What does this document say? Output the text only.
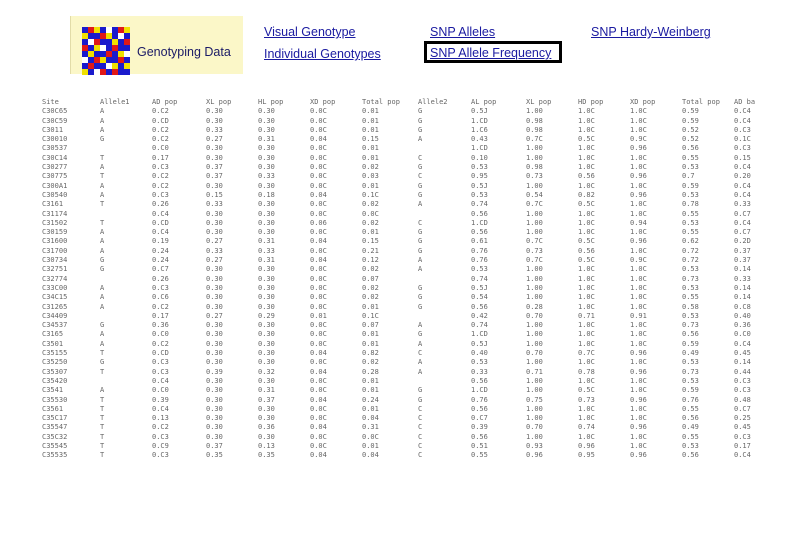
Genotyping Data
Visual Genotype
Individual Genotypes
SNP Alleles
SNP Allele Frequency
SNP Hardy-Weinberg
Site	Allele1	AD pop	XL pop	HL pop	XD pop	Total pop	Allele2	AL pop	XL pop	HD pop	XD pop	Total pop	AD ba
C30C65	A	0.C2	0.30	0.30	0.0C	0.01	G	0.5J	1.00	1.0C	1.0C	0.59	0.C4
C30C59	A	0.CD	0.30	0.30	0.0C	0.01	G	1.CD	0.98	1.0C	1.0C	0.59	0.C4
C3011	A	0.C2	0.33	0.30	0.0C	0.01	G	1.C6	0.98	1.0C	1.0C	0.52	0.C3
C30010	G	0.C2	0.27	0.31	0.04	0.15	A	0.43	0.7C	0.5C	0.9C	0.52	0.1C
C30537		0.C0	0.30	0.30	0.0C	0.01		1.CD	1.00	1.0C	0.96	0.56	0.C3
C30C14	T	0.17	0.30	0.30	0.0C	0.01	C	0.10	1.00	1.0C	1.0C	0.55	0.15
C30277	A	0.C3	0.37	0.30	0.0C	0.02	G	0.53	0.98	1.0C	1.0C	0.53	0.C4
C30775	T	0.C2	0.37	0.33	0.0C	0.03	C	0.95	0.73	0.56	0.96	0.7	0.20
C300A1	A	0.C2	0.30	0.30	0.0C	0.01	G	0.5J	1.00	1.0C	1.0C	0.59	0.C4
C30540	A	0.C3	0.15	0.18	0.04	0.1C	G	0.53	0.54	0.82	0.96	0.53	0.C4
C3161	T	0.26	0.33	0.30	0.0C	0.02	A	0.74	0.7C	0.5C	1.0C	0.78	0.33
C31174		0.C4	0.30	0.30	0.0C	0.0C		0.56	1.00	1.0C	1.0C	0.55	0.C7
C31502	T	0.CD	0.30	0.30	0.06	0.02	C	1.CD	1.00	1.0C	0.94	0.53	0.C4
C30159	A	0.C4	0.30	0.30	0.0C	0.01	G	0.56	1.00	1.0C	1.0C	0.55	0.C7
C31600	A	0.19	0.27	0.31	0.04	0.15	G	0.61	0.7C	0.5C	0.96	0.62	0.2D
C31700	A	0.24	0.33	0.33	0.0C	0.21	G	0.76	0.73	0.56	1.0C	0.72	0.37
C30734	G	0.24	0.27	0.31	0.04	0.12	A	0.76	0.7C	0.5C	0.9C	0.72	0.37
C32751	G	0.C7	0.30	0.30	0.0C	0.02	A	0.53	1.00	1.0C	1.0C	0.53	0.14
C32774		0.26	0.30	0.30	0.0C	0.07		0.74	1.00	1.0C	1.0C	0.73	0.33
C33C00	A	0.C3	0.30	0.30	0.0C	0.02	G	0.5J	1.00	1.0C	1.0C	0.53	0.14
C34C15	A	0.C6	0.30	0.30	0.0C	0.02	G	0.54	1.00	1.0C	1.0C	0.55	0.14
C31265	A	0.C2	0.30	0.30	0.0C	0.01	G	0.56	0.28	1.0C	1.0C	0.58	0.C8
C34409		0.17	0.27	0.29	0.01	0.1C		0.42	0.70	0.71	0.91	0.53	0.40
C34537	G	0.36	0.30	0.30	0.0C	0.07	A	0.74	1.00	1.0C	1.0C	0.73	0.36
C3165	A	0.C0	0.30	0.30	0.0C	0.01	G	1.CD	1.00	1.0C	1.0C	0.56	0.C0
C3501	A	0.C2	0.30	0.30	0.0C	0.01	A	0.5J	1.00	1.0C	1.0C	0.59	0.C4
C35155	T	0.CD	0.30	0.30	0.04	0.82	C	0.40	0.70	0.7C	0.96	0.49	0.45
C35250	G	0.C3	0.30	0.30	0.0C	0.02	A	0.53	1.00	1.0C	1.0C	0.53	0.14
C35307	T	0.C3	0.39	0.32	0.04	0.28	A	0.33	0.71	0.78	0.96	0.73	0.44
C35420		0.C4	0.30	0.30	0.0C	0.01		0.56	1.00	1.0C	1.0C	0.53	0.C3
C3541	A	0.C0	0.30	0.31	0.0C	0.01	G	1.CD	1.00	0.5C	1.0C	0.59	0.C3
C35530	T	0.39	0.30	0.37	0.04	0.24	G	0.76	0.75	0.73	0.96	0.76	0.48
C3561	T	0.C4	0.30	0.30	0.0C	0.01	C	0.56	1.00	1.0C	1.0C	0.55	0.C7
C35C17	T	0.13	0.30	0.30	0.0C	0.04	C	0.C7	1.00	1.0C	1.0C	0.56	0.25
C35547	T	0.C2	0.30	0.36	0.04	0.31	C	0.39	0.70	0.74	0.96	0.49	0.45
C35C32	T	0.C3	0.30	0.30	0.0C	0.0C	C	0.56	1.00	1.0C	1.0C	0.55	0.C3
C35545	T	0.C9	0.37	0.13	0.0C	0.01	C	0.51	0.93	0.96	1.0C	0.53	0.17
C35535	T	0.C3	0.35	0.35	0.04	0.04	C	0.55	0.96	0.95	0.96	0.56	0.C4
